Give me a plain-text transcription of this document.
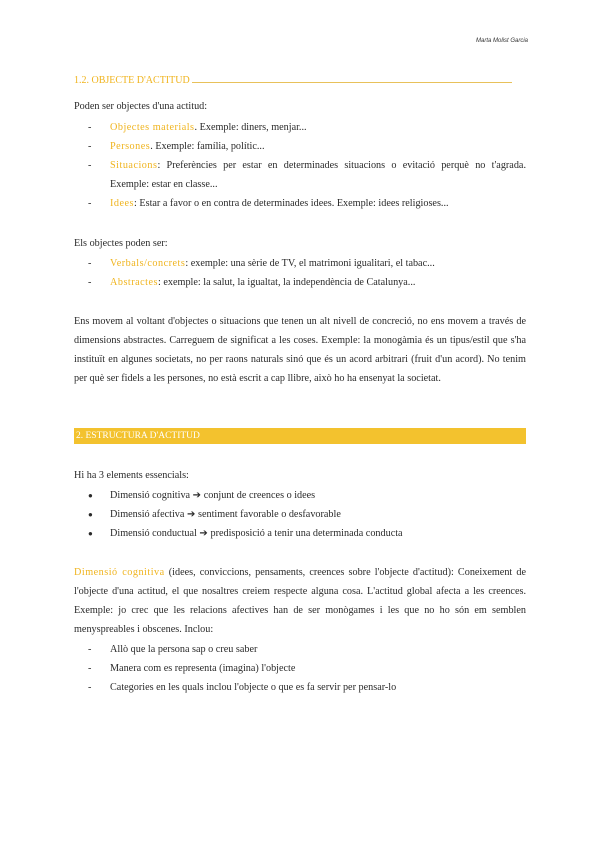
Marta Molist Garcia
1.2. OBJECTE D'ACTITUD
Poden ser objectes d'una actitud:
- Objectes materials. Exemple: diners, menjar...
- Persones. Exemple: família, polític...
- Situacions: Preferències per estar en determinades situacions o evitació perquè no t'agrada. Exemple: estar en classe...
- Idees: Estar a favor o en contra de determinades idees. Exemple: idees religioses...
Els objectes poden ser:
- Verbals/concrets: exemple: una sèrie de TV, el matrimoni igualitari, el tabac...
- Abstractes: exemple: la salut, la igualtat, la independència de Catalunya...
Ens movem al voltant d'objectes o situacions que tenen un alt nivell de concreció, no ens movem a través de dimensions abstractes. Carreguem de significat a les coses. Exemple: la monogàmia és un tipus/estil que s'ha instituït en algunes societats, no per raons naturals sinó que és un acord arbitrari (fruit d'un acord). No tenim per què ser fidels a les persones, no està escrit a cap llibre, això ho ha ensenyat la societat.
2. ESTRUCTURA D'ACTITUD
Hi ha 3 elements essencials:
● Dimensió cognitiva ➔ conjunt de creences o idees
● Dimensió afectiva ➔ sentiment favorable o desfavorable
● Dimensió conductual ➔ predisposició a tenir una determinada conducta
Dimensió cognitiva (idees, conviccions, pensaments, creences sobre l'objecte d'actitud): Coneixement de l'objecte d'una actitud, el que nosaltres creiem respecte alguna cosa. L'actitud global afecta a les creences. Exemple: jo crec que les relacions afectives han de ser monògames i les que no ho són em semblen menyspreables i obscenes. Inclou:
- Allò que la persona sap o creu saber
- Manera com es representa (imagina) l'objecte
- Categories en les quals inclou l'objecte o que es fa servir per pensar-lo
